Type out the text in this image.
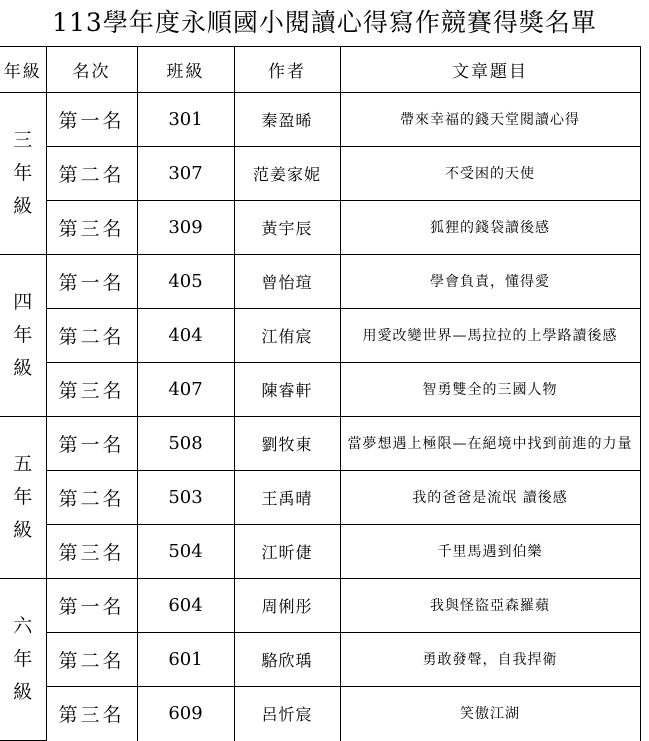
113學年度永順國小閱讀心得寫作競賽得獎名單
年級	名次	班級	作者	文章題目

三
年
級	第一名	301	秦盈晞	帶來幸福的錢天堂閱讀心得
	第二名	307	范姜家妮	不受困的天使
	第三名	309	黃宇辰	狐狸的錢袋讀後感

四
年
級	第一名	405	曾怡瑄	學會負責，懂得愛
	第二名	404	江侑宸	用愛改變世界—馬拉拉的上學路讀後感
	第三名	407	陳睿軒	智勇雙全的三國人物

五
年
級	第一名	508	劉牧東	當夢想遇上極限—在絕境中找到前進的力量
	第二名	503	王禹晴	我的爸爸是流氓 讀後感
	第三名	504	江昕倢	千里馬遇到伯樂

六
年
級	第一名	604	周俐彤	我與怪盜亞森羅蘋
	第二名	601	駱欣瑀	勇敢發聲，自我捍衛
	第三名	609	呂忻宸	笑傲江湖
